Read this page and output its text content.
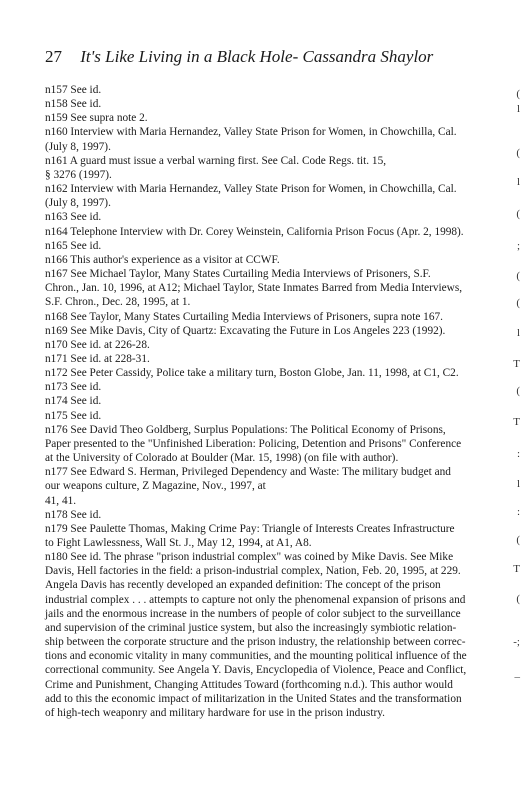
27 It's Like Living in a Black Hole- Cassandra Shaylor

n157 See id.

n158 See id.

n159 See supra note 2.

n160 Interview with Maria Hernandez, Valley State Prison for Women, in Chowchilla, Cal.
(July 8, 1997).

n161 A guard must issue a verbal warning first. See Cal. Code Regs. tit. 15,
§ 3276 (1997).

n162 Interview with Maria Hernandez, Valley State Prison for Women, in Chowchilla, Cal.
(July 8, 1997).

n163 See id.

n164 Telephone Interview with Dr. Corey Weinstein, California Prison Focus (Apr. 2, 1998).

n165 See id.

n166 This author's experience as a visitor at CCWF.

n167 See Michael Taylor, Many States Curtailing Media Interviews of Prisoners, S.F.
Chron., Jan. 10, 1996, at A12; Michael Taylor, State Inmates Barred from Media Interviews,
S.F. Chron., Dec. 28, 1995, at 1.

n168 See Taylor, Many States Curtailing Media Interviews of Prisoners, supra note 167.

n169 See Mike Davis, City of Quartz: Excavating the Future in Los Angeles 223 (1992).

n170 See id. at 226-28.

n171 See id. at 228-31.

n172 See Peter Cassidy, Police take a military turn, Boston Globe, Jan. 11, 1998, at C1, C2.

n173 See id.

n174 See id.

n175 See id.

n176 See David Theo Goldberg, Surplus Populations: The Political Economy of Prisons,
Paper presented to the "Unfinished Liberation: Policing, Detention and Prisons" Conference
at the University of Colorado at Boulder (Mar. 15, 1998) (on file with author).

n177 See Edward S. Herman, Privileged Dependency and Waste: The military budget and
our weapons culture, Z Magazine, Nov., 1997, at
41, 41.

n178 See id.

n179 See Paulette Thomas, Making Crime Pay: Triangle of Interests Creates Infrastructure
to Fight Lawlessness, Wall St. J., May 12, 1994, at A1, A8.

n180 See id. The phrase "prison industrial complex" was coined by Mike Davis. See Mike
Davis, Hell factories in the field: a prison-industrial complex, Nation, Feb. 20, 1995, at 229.
Angela Davis has recently developed an expanded definition: The concept of the prison
industrial complex . . . attempts to capture not only the phenomenal expansion of prisons and
jails and the enormous increase in the numbers of people of color subject to the surveillance
and supervision of the criminal justice system, but also the increasingly symbiotic relation-
ship between the corporate structure and the prison industry, the relationship between correc-
tions and economic vitality in many communities, and the mounting political influence of the
correctional community. See Angela Y. Davis, Encyclopedia of Violence, Peace and Conflict,
Crime and Punishment, Changing Attitudes Toward (forthcoming n.d.). This author would
add to this the economic impact of militarization in the United States and the transformation
of high-tech weaponry and military hardware for use in the prison industry.

(
l
(
l
(
;
(
(
l
T
(
T
:
l
:
(
T
(
-;
_
